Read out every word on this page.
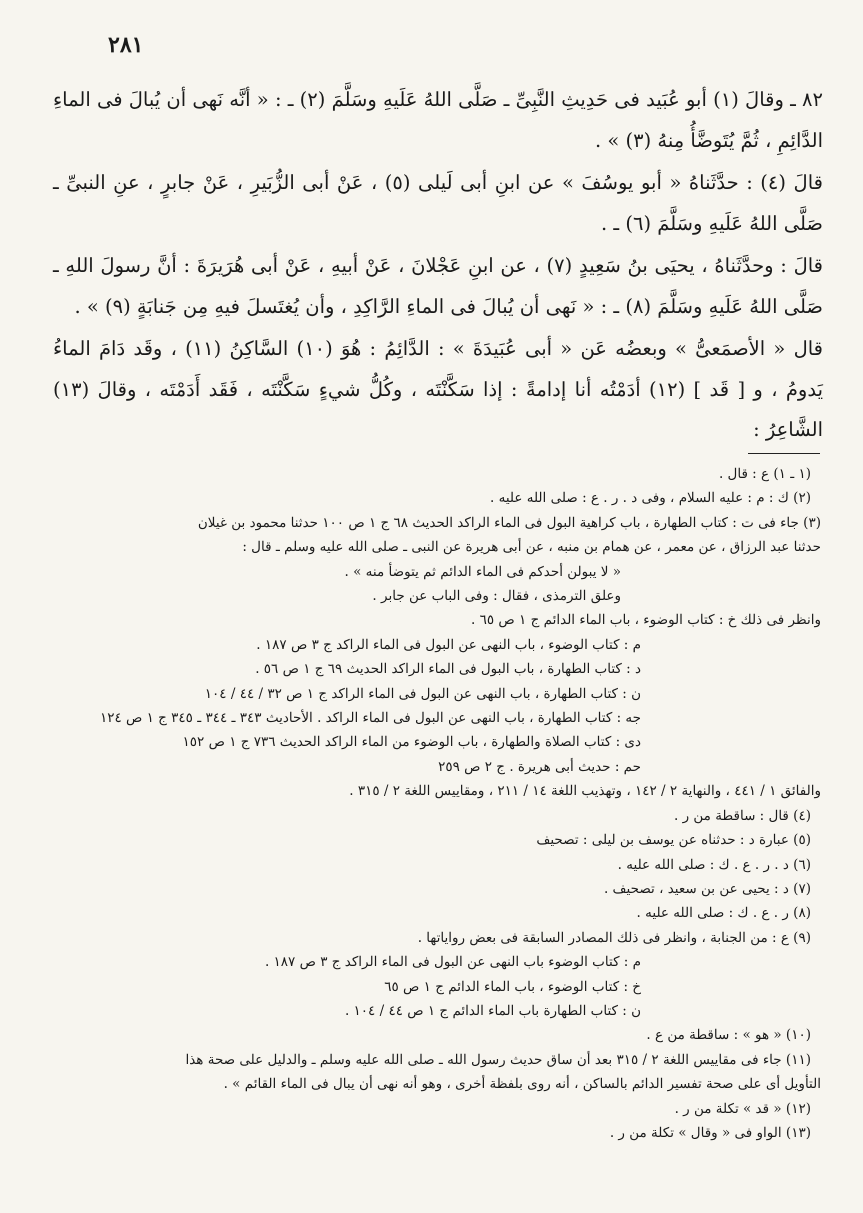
٢٨١

٨٢ ـ وقالَ (١) أبو عُبَيد فى حَدِيثِ النَّبِىِّ ـ صَلَّى اللهُ عَلَيهِ وسَلَّمَ (٢) ـ : « أنَّه نَهى أن يُبالَ فى الماءِ الدَّائِمِ ، ثُمَّ يُتَوضَّأُ مِنهُ (٣) » .

قالَ (٤) : حدَّثَناهُ « أبو يوسُفَ » عن ابنِ أبى لَيلى (٥) ، عَنْ أبى الزُّبَيرِ ، عَنْ جابرٍ ، عنِ النبىِّ ـ صَلَّى اللهُ عَلَيهِ وسَلَّمَ (٦) ـ .

قالَ : وحدَّثَناهُ ، يحيَى بنُ سَعِيدٍ (٧) ، عن ابنِ عَجْلانَ ، عَنْ أبيهِ ، عَنْ أبى هُرَيرَةَ : أنَّ رسولَ اللهِ ـ صَلَّى اللهُ عَلَيهِ وسَلَّمَ (٨) ـ : « نَهى أن يُبالَ فى الماءِ الرَّاكِدِ ، وأن يُغتَسلَ فيهِ مِن جَنابَةٍ (٩) » .

قال « الأصمَعىُّ » وبعضُه عَن « أبى عُبَيدَةَ » : الدَّائِمُ : هُوَ (١٠) السَّاكِنُ (١١) ، وقَد دَامَ الماءُ يَدومُ ، و [ قَد ] (١٢) أدَمْتُه أنا إدامةً : إذا سَكَّنْتَه ، وكُلُّ شيءٍ سَكَّنْتَه ، فَقَد أَدَمْتَه ، وقالَ (١٣) الشَّاعِرُ :

(١ ـ ١) ع : قال .
(٢) ك : م : عليه السلام ، وفى د . ر . ع : صلى الله عليه .
(٣) جاء فى ت : كتاب الطهارة ، باب كراهية البول فى الماء الراكد الحديث ٦٨ ج ١ ص ١٠٠ حدثنا محمود بن غيلان
حدثنا عبد الرزاق ، عن معمر ، عن همام بن منبه ، عن أبى هريرة عن النبى ـ صلى الله عليه وسلم ـ قال :
« لا يبولن أحدكم فى الماء الدائم ثم يتوضأ منه » .
وعلق الترمذى ، فقال : وفى الباب عن جابر .
وانظر فى ذلك خ : كتاب الوضوء ، باب الماء الدائم ج ١ ص ٦٥ .
م : كتاب الوضوء ، باب النهى عن البول فى الماء الراكد ج ٣ ص ١٨٧ .
د : كتاب الطهارة ، باب البول فى الماء الراكد الحديث ٦٩ ج ١ ص ٥٦ .
ن : كتاب الطهارة ، باب النهى عن البول فى الماء الراكد ج ١ ص ٣٢ / ٤٤ / ١٠٤
جه : كتاب الطهارة ، باب النهى عن البول فى الماء الراكد . الأحاديث ٣٤٣ ـ ٣٤٤ ـ ٣٤٥ ج ١ ص ١٢٤
دى : كتاب الصلاة والطهارة ، باب الوضوء من الماء الراكد الحديث ٧٣٦ ج ١ ص ١٥٢
حم : حديث أبى هريرة . ج ٢ ص ٢٥٩
والفائق ١ / ٤٤١ ، والنهاية ٢ / ١٤٢ ، وتهذيب اللغة ١٤ / ٢١١ ، ومقاييس اللغة ٢ / ٣١٥ .
(٤) قال : ساقطة من ر .
(٥) عبارة د : حدثناه عن يوسف بن ليلى : تصحيف
(٦) د . ر . ع . ك : صلى الله عليه .
(٧) د : يحيى عن بن سعيد ، تصحيف .
(٨) ر . ع . ك : صلى الله عليه .
(٩) ع : من الجنابة ، وانظر فى ذلك المصادر السابقة فى بعض رواياتها .
م : كتاب الوضوء باب النهى عن البول فى الماء الراكد ج ٣ ص ١٨٧ .
خ : كتاب الوضوء ، باب الماء الدائم ج ١ ص ٦٥
ن : كتاب الطهارة باب الماء الدائم ج ١ ص ٤٤ / ١٠٤ .
(١٠) « هو » : ساقطة من ع .
(١١) جاء فى مقاييس اللغة ٢ / ٣١٥ بعد أن ساق حديث رسول الله ـ صلى الله عليه وسلم ـ والدليل على صحة هذا
التأويل أى على صحة تفسير الدائم بالساكن ، أنه روى بلفظة أخرى ، وهو أنه نهى أن يبال فى الماء القائم » .
(١٢) « قد » تكلة من ر .
(١٣) الواو فى « وقال » تكلة من ر .
